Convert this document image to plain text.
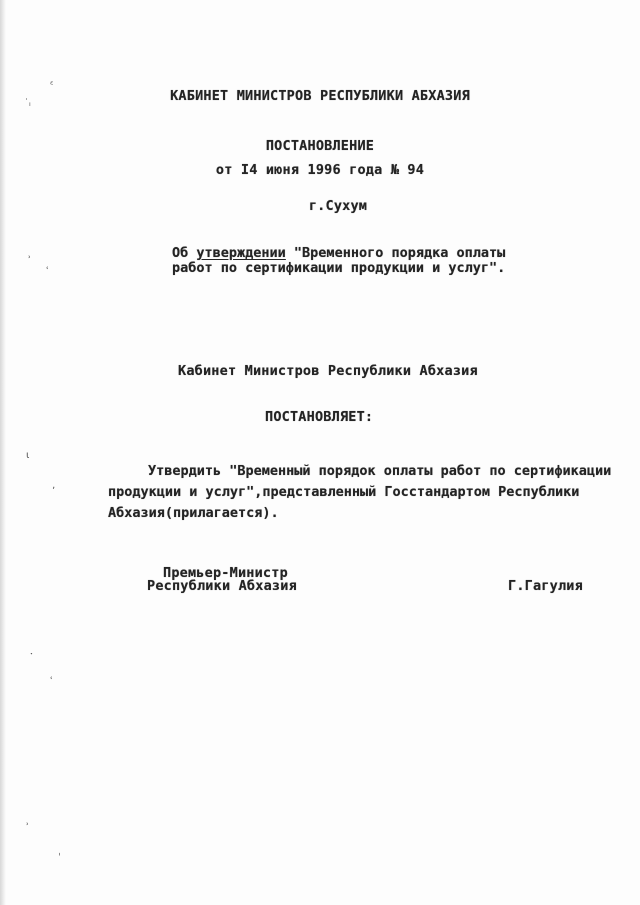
ᵋ
˙ᵢ
ʾ
ʿ
ɩ
ʼ
ˑ
ʿ
ʾ
ˌ
КАБИНЕТ МИНИСТРОВ РЕСПУБЛИКИ АБХАЗИЯ
ПОСТАНОВЛЕНИЕ
от I4 июня 1996 года № 94
г.Сухум
Об утверждении "Временного порядка оплаты
работ по сертификации продукции и услуг".
Кабинет Министров Республики Абхазия
ПОСТАНОВЛЯЕТ:
Утвердить "Временный порядок оплаты работ по сертификации
продукции и услуг",представленный Госстандартом Республики
Абхазия(прилагается).
Премьер-Министр
Республики Абхазия	Г.Гагулия
